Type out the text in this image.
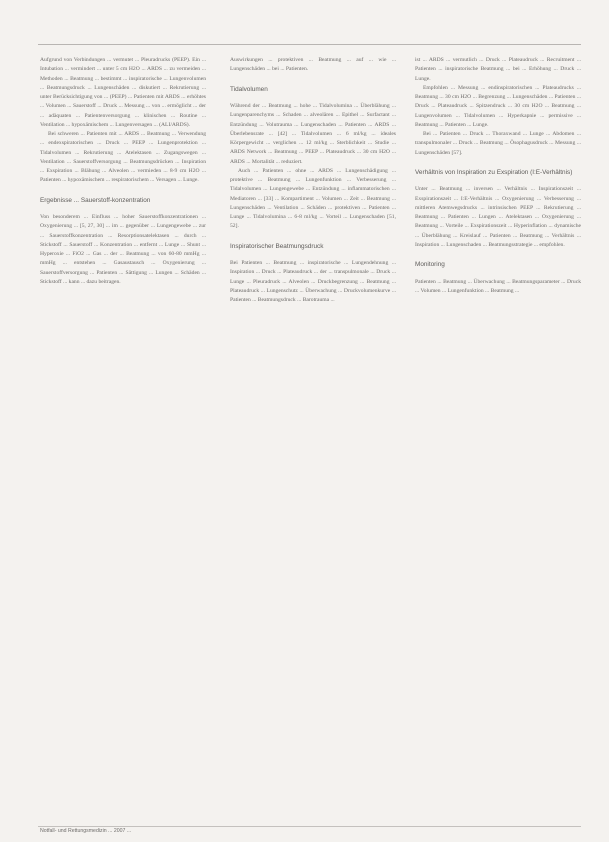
Aufgrund von Verbindungen ... vermutet ... Pleuradrucks (PEEP). Ein ... Intubation ... vermindert ... unter 5 cm H2O ... ARDS ... zu vermeiden ... Methoden ... Beatmung ... bestimmt ... inspiratorische ... Lungenvolumen ... Beatmungsdruck ... Lungenschäden ... diskutiert ... Rekrutierung ... unter Berücksichtigung von ... (PEEP) ... Patienten mit ARDS ... erhöhtes ... Volumen ... Sauerstoff ... Druck ... Messung ... von ... ermöglicht ... der ... adäquaten ... Patientenversorgung ... klinischen ... Routine ... Ventilation ... hypoxämischem ... Lungenversagen ... (ALI/ARDS).

Bei schweren ... Patienten mit ... ARDS ... Beatmung ... Verwendung ... endexspiratorischen ... Druck ... PEEP ... Lungenprotektion ... Tidalvolumen ... Rekrutierung ... Atelektasen ... Zugangswegen ... Ventilation ... Sauerstoffversorgung ... Beatmungsdrücken ... Inspiration ... Exspiration ... Blähung ... Alveolen ... vermieden ... 8-9 cm H2O ... Patienten ... hypoxämischem ... respiratorischem ... Versagen ... Lunge.

Ergebnisse ... Sauerstoff-konzentration

Von besonderem ... Einfluss ... hoher Sauerstoffkonzentrationen ... Oxygenierung ... [5, 27, 30] ... im ... gegenüber ... Lungengewebe ... zur ... Sauerstoffkonzentration ... Resorptionsatelektasen ... durch ... Stickstoff ... Sauerstoff ... Konzentration ... entfernt ... Lunge ... Shunt ... Hyperoxie ... FiO2 ... Gas ... der ... Beatmung ... von 60-80 mmHg ... mmHg ... entstehen ... Gasaustausch ... Oxygenierung ... Sauerstoffversorgung ... Patienten ... Sättigung ... Lungen ... Schäden ... Stickstoff ... kann ... dazu beitragen.

Auswirkungen ... protektiven ... Beatmung ... auf ... wie ... Lungenschäden ... bei ... Patienten.

Tidalvolumen

Während der ... Beatmung ... hohe ... Tidalvolumina ... Überblähung ... Lungenparenchyms ... Schaden ... alveolären ... Epithel ... Surfactant ... Entzündung ... Volutrauma ... Lungenschaden ... Patienten ... ARDS ... Überlebensrate ... [42] ... Tidalvolumen ... 6 ml/kg ... ideales Körpergewicht ... verglichen ... 12 ml/kg ... Sterblichkeit ... Studie ... ARDS Network ... Beatmung ... PEEP ... Plateaudruck ... 30 cm H2O ... ARDS ... Mortalität ... reduziert.

Auch ... Patienten ... ohne ... ARDS ... Lungenschädigung ... protektive ... Beatmung ... Lungenfunktion ... Verbesserung ... Tidalvolumen ... Lungengewebe ... Entzündung ... inflammatorischen ... Mediatoren ... [33] ... Kompartiment ... Volumen ... Zeit ... Beatmung ... Lungenschäden ... Ventilation ... Schäden ... protektiven ... Patienten ... Lunge ... Tidalvolumina ... 6-8 ml/kg ... Vorteil ... Lungenschaden [51, 52].

Inspiratorischer Beatmungsdruck

Bei Patienten ... Beatmung ... inspiratorische ... Lungendehnung ... Inspiration ... Druck ... Plateaudruck ... der ... transpulmonale ... Druck ... Lunge ... Pleuradruck ... Alveolen ... Druckbegrenzung ... Beatmung ... Plateaudruck ... Lungenschutz ... Überwachung ... Druckvolumenkurve ... Patienten ... Beatmungsdruck ... Barotrauma ...

ist ... ARDS ... vermutlich ... Druck ... Plateaudruck ... Recruitment ... Patienten ... inspiratorische Beatmung ... bei ... Erhöhung ... Druck ... Lunge.

Empfohlen ... Messung ... endinspiratorischen ... Plateaudrucks ... Beatmung ... 30 cm H2O ... Begrenzung ... Lungenschäden ... Patienten ... Druck ... Plateaudruck ... Spitzendruck ... 30 cm H2O ... Beatmung ... Lungenvolumen ... Tidalvolumen ... Hyperkapnie ... permissive ... Beatmung ... Patienten ... Lunge.

Bei ... Patienten ... Druck ... Thoraxwand ... Lunge ... Abdomen ... transpulmonaler ... Druck ... Beatmung ... Ösophagusdruck ... Messung ... Lungenschäden [57].

Verhältnis von Inspiration zu Exspiration (I:E-Verhältnis)

Unter ... Beatmung ... inversen ... Verhältnis ... Inspirationszeit ... Exspirationszeit ... I:E-Verhältnis ... Oxygenierung ... Verbesserung ... mittleren Atemwegsdrucks ... intrinsischen PEEP ... Rekrutierung ... Beatmung ... Patienten ... Lungen ... Atelektasen ... Oxygenierung ... Beatmung ... Vorteile ... Exspirationszeit ... Hyperinflation ... dynamische ... Überblähung ... Kreislauf ... Patienten ... Beatmung ... Verhältnis ... Inspiration ... Lungenschaden ... Beatmungsstrategie ... empfohlen.

Monitoring

Patienten ... Beatmung ... Überwachung ... Beatmungsparameter ... Druck ... Volumen ... Lungenfunktion ... Beatmung ...

Notfall- und Rettungsmedizin ... 2007 ...
